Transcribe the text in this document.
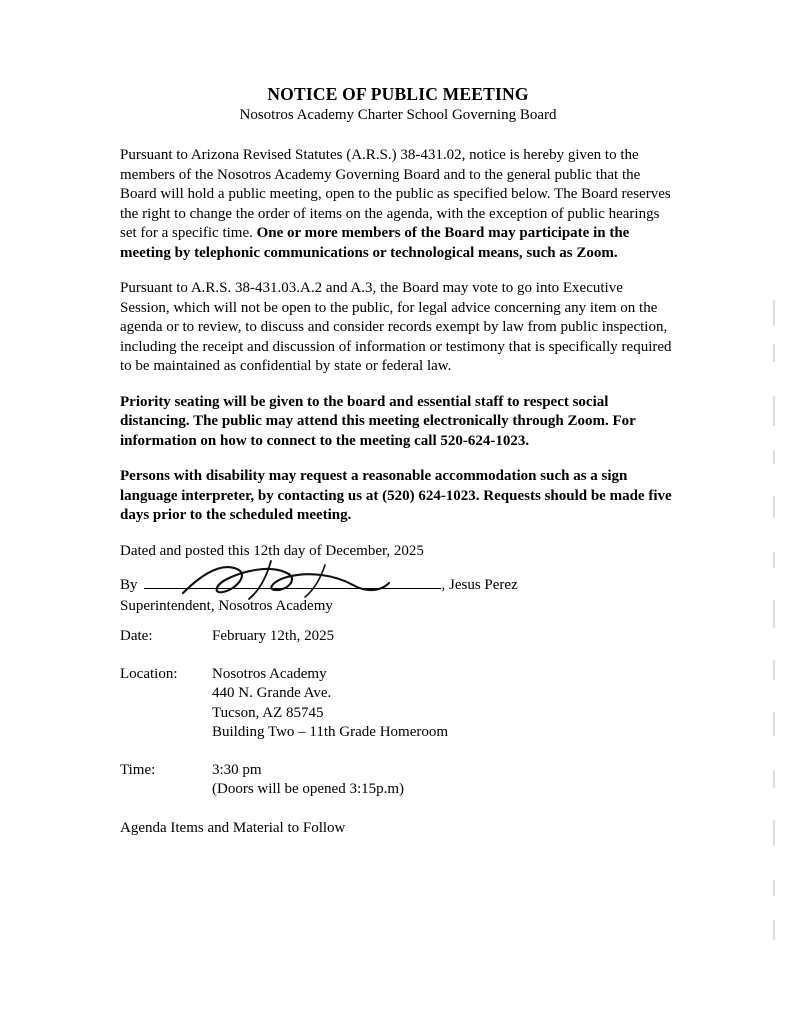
NOTICE OF PUBLIC MEETING
Nosotros Academy Charter School Governing Board

Pursuant to Arizona Revised Statutes (A.R.S.) 38-431.02, notice is hereby given to the members of the Nosotros Academy Governing Board and to the general public that the Board will hold a public meeting, open to the public as specified below. The Board reserves the right to change the order of items on the agenda, with the exception of public hearings set for a specific time. One or more members of the Board may participate in the meeting by telephonic communications or technological means, such as Zoom.

Pursuant to A.R.S. 38-431.03.A.2 and A.3, the Board may vote to go into Executive Session, which will not be open to the public, for legal advice concerning any item on the agenda or to review, to discuss and consider records exempt by law from public inspection, including the receipt and discussion of information or testimony that is specifically required to be maintained as confidential by state or federal law.

Priority seating will be given to the board and essential staff to respect social distancing. The public may attend this meeting electronically through Zoom. For information on how to connect to the meeting call 520-624-1023.

Persons with disability may request a reasonable accommodation such as a sign language interpreter, by contacting us at (520) 624-1023. Requests should be made five days prior to the scheduled meeting.

Dated and posted this 12th day of December, 2025
By	, Jesus Perez
Superintendent, Nosotros Academy
Date:	February 12th, 2025

Location:	Nosotros Academy
440 N. Grande Ave.
Tucson, AZ 85745
Building Two – 11th Grade Homeroom

Time:	3:30 pm
(Doors will be opened 3:15p.m)
Agenda Items and Material to Follow
